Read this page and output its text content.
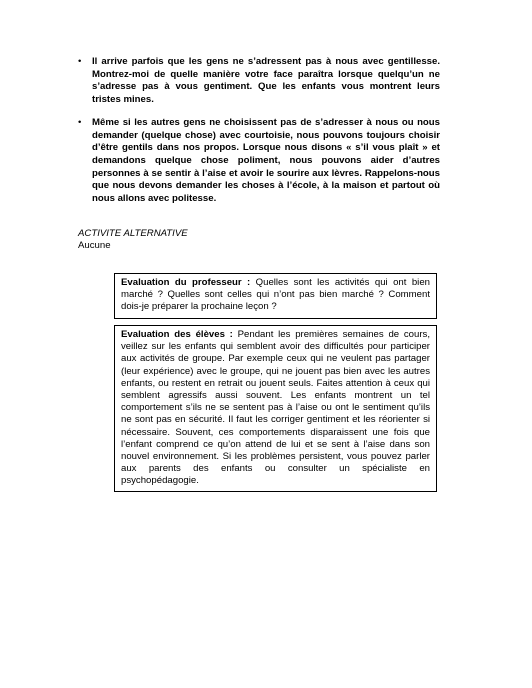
• Il arrive parfois que les gens ne s’adressent pas à nous avec gentillesse. Montrez-moi de quelle manière votre face paraîtra lorsque quelqu’un ne s’adresse pas à vous gentiment. Que les enfants vous montrent leurs tristes mines.
• Même si les autres gens ne choisissent pas de s’adresser à nous ou nous demander (quelque chose) avec courtoisie, nous pouvons toujours choisir d’être gentils dans nos propos. Lorsque nous disons « s’il vous plaît » et demandons quelque chose poliment, nous pouvons aider d’autres personnes à se sentir à l’aise et avoir le sourire aux lèvres. Rappelons-nous que nous devons demander les choses à l’école, à la maison et partout où nous allons avec politesse.
ACTIVITE ALTERNATIVE
Aucune
Evaluation du professeur : Quelles sont les activités qui ont bien marché ? Quelles sont celles qui n’ont pas bien marché ? Comment dois-je préparer la prochaine leçon ?
Evaluation des élèves : Pendant les premières semaines de cours, veillez sur les enfants qui semblent avoir des difficultés pour participer aux activités de groupe. Par exemple ceux qui ne veulent pas partager (leur expérience) avec le groupe, qui ne jouent pas bien avec les autres enfants, ou restent en retrait ou jouent seuls. Faites attention à ceux qui semblent agressifs aussi souvent. Les enfants montrent un tel comportement s’ils ne se sentent pas à l’aise ou ont le sentiment qu’ils ne sont pas en sécurité. Il faut les corriger gentiment et les réorienter si nécessaire. Souvent, ces comportements disparaissent une fois que l’enfant comprend ce qu’on attend de lui et se sent à l’aise dans son nouvel environnement. Si les problèmes persistent, vous pouvez parler aux parents des enfants ou consulter un spécialiste en psychopédagogie.
